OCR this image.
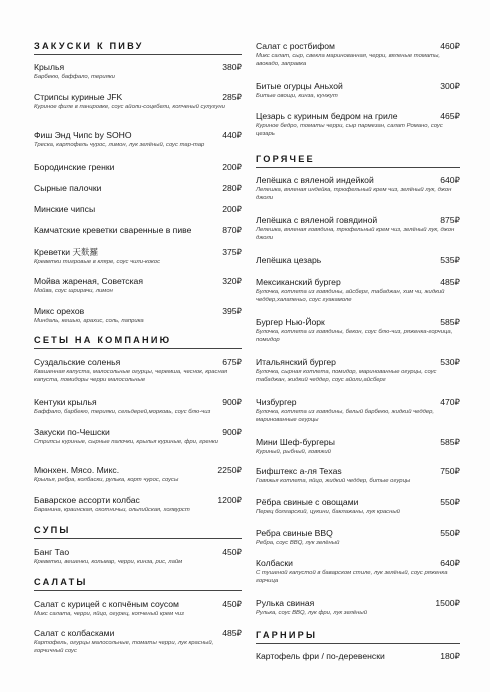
ЗАКУСКИ К ПИВУ
Крылья	380₽
Барбекю, баффало, терияки
Стрипсы куриные JFK	285₽
Куриное филе в панировке, соус айоли-соцебели, копченый сулугуни
Фиш Энд Чипс by SOHO	440₽
Треска, картофель чурос, лимон, лук зелёный, соус тар-тар
Бородинские гренки	200₽
Сырные палочки	280₽
Минские чипсы	200₽
Камчатские креветки сваренные в пиве	870₽
Креветки 天麩羅	375₽
Креветки тигровые в кляре, соус чили-кокос
Мойва жареная, Советская	320₽
Мойва, соус шрирачи, лимон
Микс орехов	395₽
Миндаль, кешью, арахис, соль, паприка
СЕТЫ НА КОМПАНИЮ
Суздальские соленья	675₽
Квашенная капуста, малосольные огурцы, черемша, чеснок, красная капуста, помидоры черри малосольные
Кентуки крылья	900₽
Баффало, барбекю, терияки, сельдерей,морковь, соус блю-чиз
Закуски по-Чешски	900₽
Стрипсы куриные, сырные палочки, крылья куриные, фри, гренки
Мюнхен. Мясо. Микс.	2250₽
Крылья, ребра, колбаски, рулька, корт чурос, соусы
Баварское ассорти колбас	1200₽
Баранина, краинская, охотничьи, ольпийская, холвурст
СУПЫ
Банг Тао	450₽
Креветки, вешенки, кольмар, черри, кинза, рис, лайм
САЛАТЫ
Салат с курицей с копчёным соусом	450₽
Микс салата, черри, яйцо, огурец, копченый крем чиз
Салат с колбасками	485₽
Картофель, огурцы малосольные, томаты черри, лук красный, горчичный соус
Салат с ростбифом	460₽
Микс салат, сыр, свекла маринованная, черри, вяленые томаты, авокадо, заправка
Битые огурцы Аньхой	300₽
Битые овощи, кинза, кунжут
Цезарь с куриным бедром на гриле	465₽
Куриное бедро, томаты черри, сыр пармезан, салат Романо, соус цезарь
ГОРЯЧЕЕ
Лепёшка с вяленой индейкой	640₽
Лепешка, вяленая индейка, трюфельный крем чиз, зелёный лук, джон джоли
Лепёшка с вяленой говядиной	875₽
Лепешка, вяленая говядина, трюфельный крем чиз, зелёный лук, джон джоли
Лепёшка цезарь	535₽
Мексиканский бургер	485₽
Булочка, котлета из говядины, айсберг, табаджан, хим чи, жидкий чеддер,халапеньо, соус гуакамоле
Бургер Нью-Йорк	585₽
Булочка, котлета из говядины, бекон, соус блю-чиз, ряженка-горчица, помидор
Итальянский бургер	530₽
Булочка, сырная котлета, помидор, маринованные огурцы, соус табаджан, жидкий чеддер, соус айоли,айсберг
Чизбургер	470₽
Булочка, котлета из говядины, белый барбекю, жидкий чеддер, маринованные огурцы
Мини Шеф-бургеры	585₽
Куриный, рыбный, говяжий
Бифштекс а-ля Texas	750₽
Говяжья котлета, яйцо, жидкий чеддер, битые огурцы
Рёбра свиные с овощами	550₽
Перец болгарский, цукини, баклажаны, лук красный
Ребра свиные BBQ	550₽
Ребра, соус BBQ, лук зелёный
Колбаски	640₽
С тушеной капустой в баварском стиле, лук зелёный, соус ряженка горчица
Рулька свиная	1500₽
Рулька, соус BBQ, лук фри, лук зелёный
ГАРНИРЫ
Картофель фри / по-деревенски	180₽
